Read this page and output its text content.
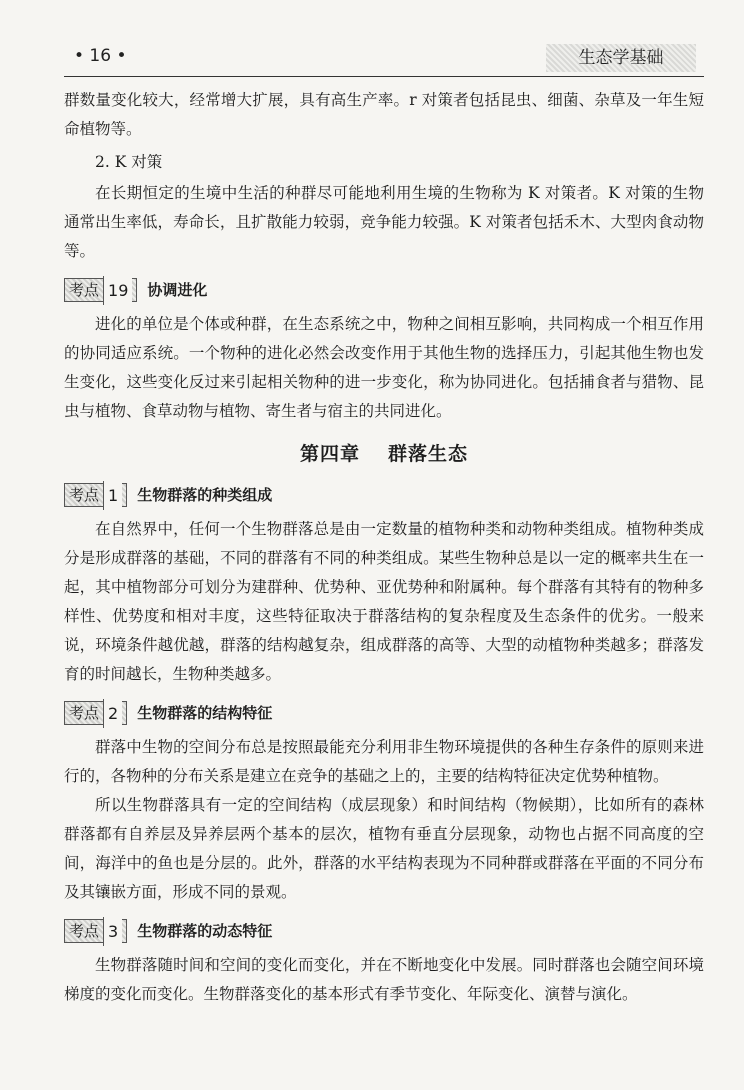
• 16 •	生态学基础

群数量变化较大，经常增大扩展，具有高生产率。r 对策者包括昆虫、细菌、杂草及一年生短命植物等。

2. K 对策

在长期恒定的生境中生活的种群尽可能地利用生境的生物称为 K 对策者。K 对策的生物通常出生率低，寿命长，且扩散能力较弱，竞争能力较强。K 对策者包括禾木、大型肉食动物等。

考点 19 协调进化

进化的单位是个体或种群，在生态系统之中，物种之间相互影响，共同构成一个相互作用的协同适应系统。一个物种的进化必然会改变作用于其他生物的选择压力，引起其他生物也发生变化，这些变化反过来引起相关物种的进一步变化，称为协同进化。包括捕食者与猎物、昆虫与植物、食草动物与植物、寄生者与宿主的共同进化。

第四章 群落生态
考点 1 生物群落的种类组成

在自然界中，任何一个生物群落总是由一定数量的植物种类和动物种类组成。植物种类成分是形成群落的基础，不同的群落有不同的种类组成。某些生物种总是以一定的概率共生在一起，其中植物部分可划分为建群种、优势种、亚优势种和附属种。每个群落有其特有的物种多样性、优势度和相对丰度，这些特征取决于群落结构的复杂程度及生态条件的优劣。一般来说，环境条件越优越，群落的结构越复杂，组成群落的高等、大型的动植物种类越多；群落发育的时间越长，生物种类越多。

考点 2 生物群落的结构特征

群落中生物的空间分布总是按照最能充分利用非生物环境提供的各种生存条件的原则来进行的，各物种的分布关系是建立在竞争的基础之上的，主要的结构特征决定优势种植物。

所以生物群落具有一定的空间结构（成层现象）和时间结构（物候期），比如所有的森林群落都有自养层及异养层两个基本的层次，植物有垂直分层现象，动物也占据不同高度的空间，海洋中的鱼也是分层的。此外，群落的水平结构表现为不同种群或群落在平面的不同分布及其镶嵌方面，形成不同的景观。

考点 3 生物群落的动态特征

生物群落随时间和空间的变化而变化，并在不断地变化中发展。同时群落也会随空间环境梯度的变化而变化。生物群落变化的基本形式有季节变化、年际变化、演替与演化。
